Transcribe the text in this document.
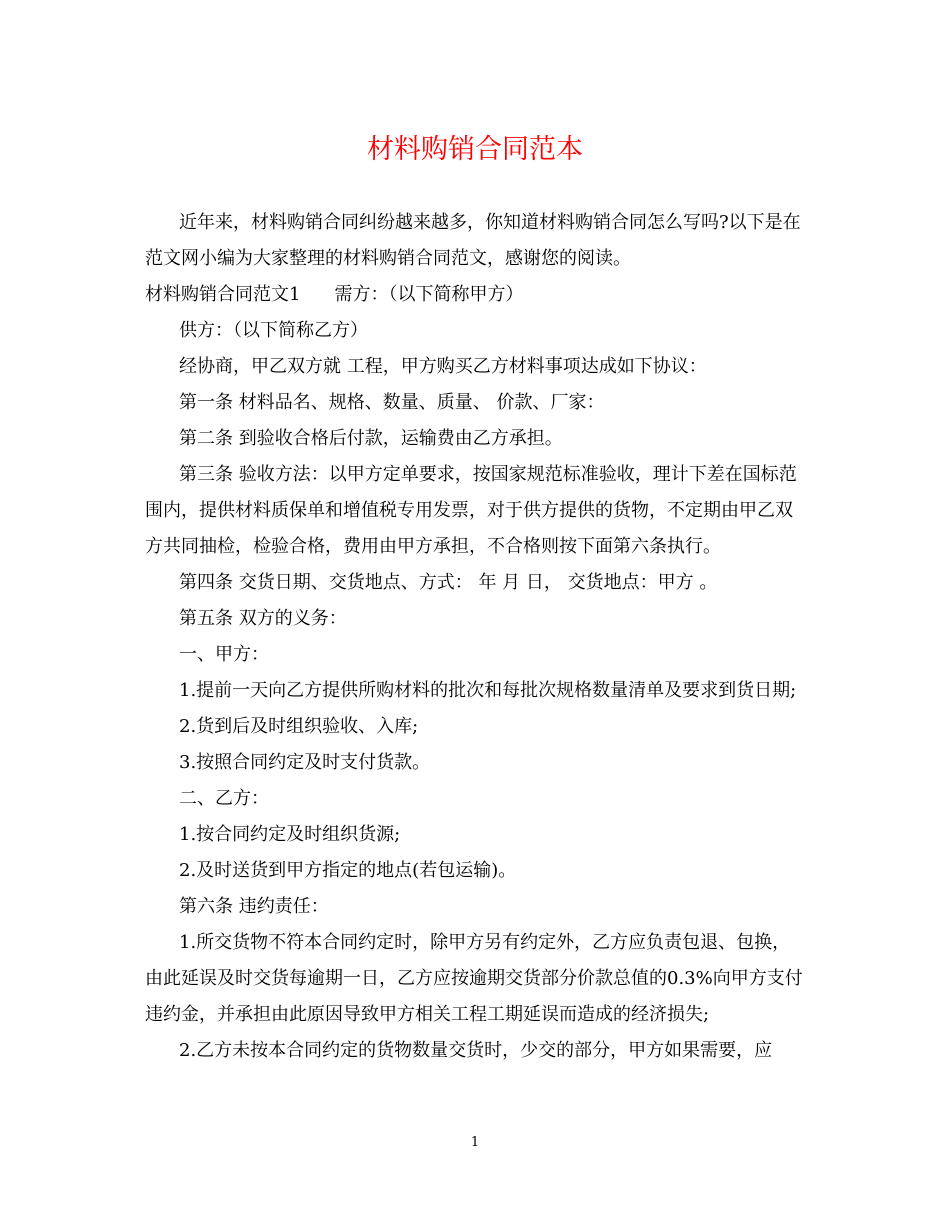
材料购销合同范本

近年来，材料购销合同纠纷越来越多，你知道材料购销合同怎么写吗?以下是在范文网小编为大家整理的材料购销合同范文，感谢您的阅读。

材料购销合同范文1 需方：（以下简称甲方）

供方：（以下简称乙方）

经协商，甲乙双方就 工程，甲方购买乙方材料事项达成如下协议：

第一条 材料品名、规格、数量、质量、 价款、厂家：

第二条 到验收合格后付款，运输费由乙方承担。

第三条 验收方法：以甲方定单要求，按国家规范标准验收，理计下差在国标范围内，提供材料质保单和增值税专用发票，对于供方提供的货物，不定期由甲乙双方共同抽检，检验合格，费用由甲方承担，不合格则按下面第六条执行。

第四条 交货日期、交货地点、方式： 年 月 日， 交货地点：甲方 。

第五条 双方的义务：

一、甲方：

1.提前一天向乙方提供所购材料的批次和每批次规格数量清单及要求到货日期;

2.货到后及时组织验收、入库;

3.按照合同约定及时支付货款。

二、乙方：

1.按合同约定及时组织货源;

2.及时送货到甲方指定的地点(若包运输)。

第六条 违约责任：

1.所交货物不符本合同约定时，除甲方另有约定外，乙方应负责包退、包换，由此延误及时交货每逾期一日，乙方应按逾期交货部分价款总值的0.3%向甲方支付违约金，并承担由此原因导致甲方相关工程工期延误而造成的经济损失;

2.乙方未按本合同约定的货物数量交货时，少交的部分，甲方如果需要，应

1
